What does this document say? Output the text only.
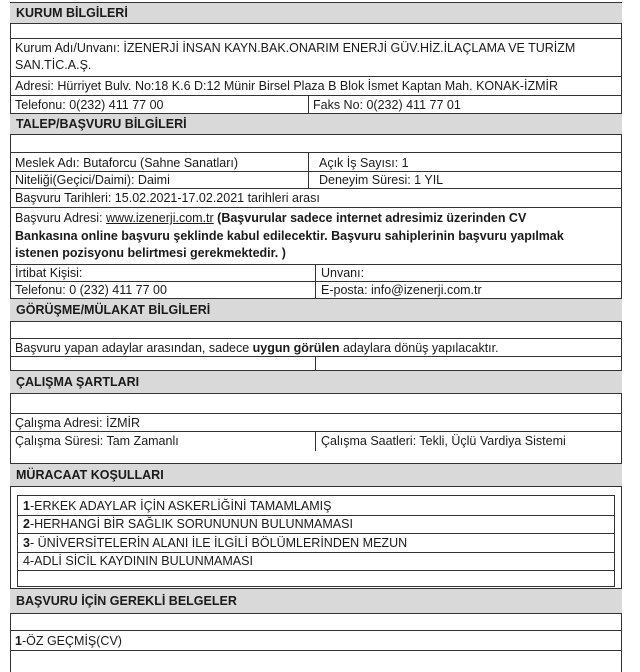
KURUM BİLGİLERİ
Kurum Adı/Unvanı: İZENERJİ İNSAN KAYN.BAK.ONARIM ENERJİ GÜV.HİZ.İLAÇLAMA VE TURİZM
SAN.TİC.A.Ş.
Adresi: Hürriyet Bulv. No:18 K.6 D:12 Münir Birsel Plaza B Blok İsmet Kaptan Mah. KONAK-İZMİR
Telefonu: 0(232) 411 77 00	Faks No: 0(232) 411 77 01
TALEP/BAŞVURU BİLGİLERİ
Meslek Adı: Butaforcu (Sahne Sanatları)	Açık İş Sayısı: 1
Niteliği(Geçici/Daimi): Daimi	Deneyim Süresi: 1 YIL
Başvuru Tarihleri: 15.02.2021-17.02.2021 tarihleri arası
Başvuru Adresi: www.izenerji.com.tr (Başvurular sadece internet adresimiz üzerinden CV
Bankasına online başvuru şeklinde kabul edilecektir. Başvuru sahiplerinin başvuru yapılmak
istenen pozisyonu belirtmesi gerekmektedir. )
İrtibat Kişisi:	Unvanı:
Telefonu: 0 (232) 411 77 00	E-posta: info@izenerji.com.tr
GÖRÜŞME/MÜLAKAT BİLGİLERİ
Başvuru yapan adaylar arasından, sadece uygun görülen adaylara dönüş yapılacaktır.
ÇALIŞMA ŞARTLARI
Çalışma Adresi: İZMİR
Çalışma Süresi: Tam Zamanlı	Çalışma Saatleri: Tekli, Üçlü Vardiya Sistemi
MÜRACAAT KOŞULLARI
1-ERKEK ADAYLAR İÇİN ASKERLİĞİNİ TAMAMLAMIŞ
2-HERHANGİ BİR SAĞLIK SORUNUNUN BULUNMAMASI
3- ÜNİVERSİTELERİN ALANI İLE İLGİLİ BÖLÜMLERİNDEN MEZUN
4-ADLİ SİCİL KAYDININ BULUNMAMASI
BAŞVURU İÇİN GEREKLİ BELGELER
1-ÖZ GEÇMİŞ(CV)
